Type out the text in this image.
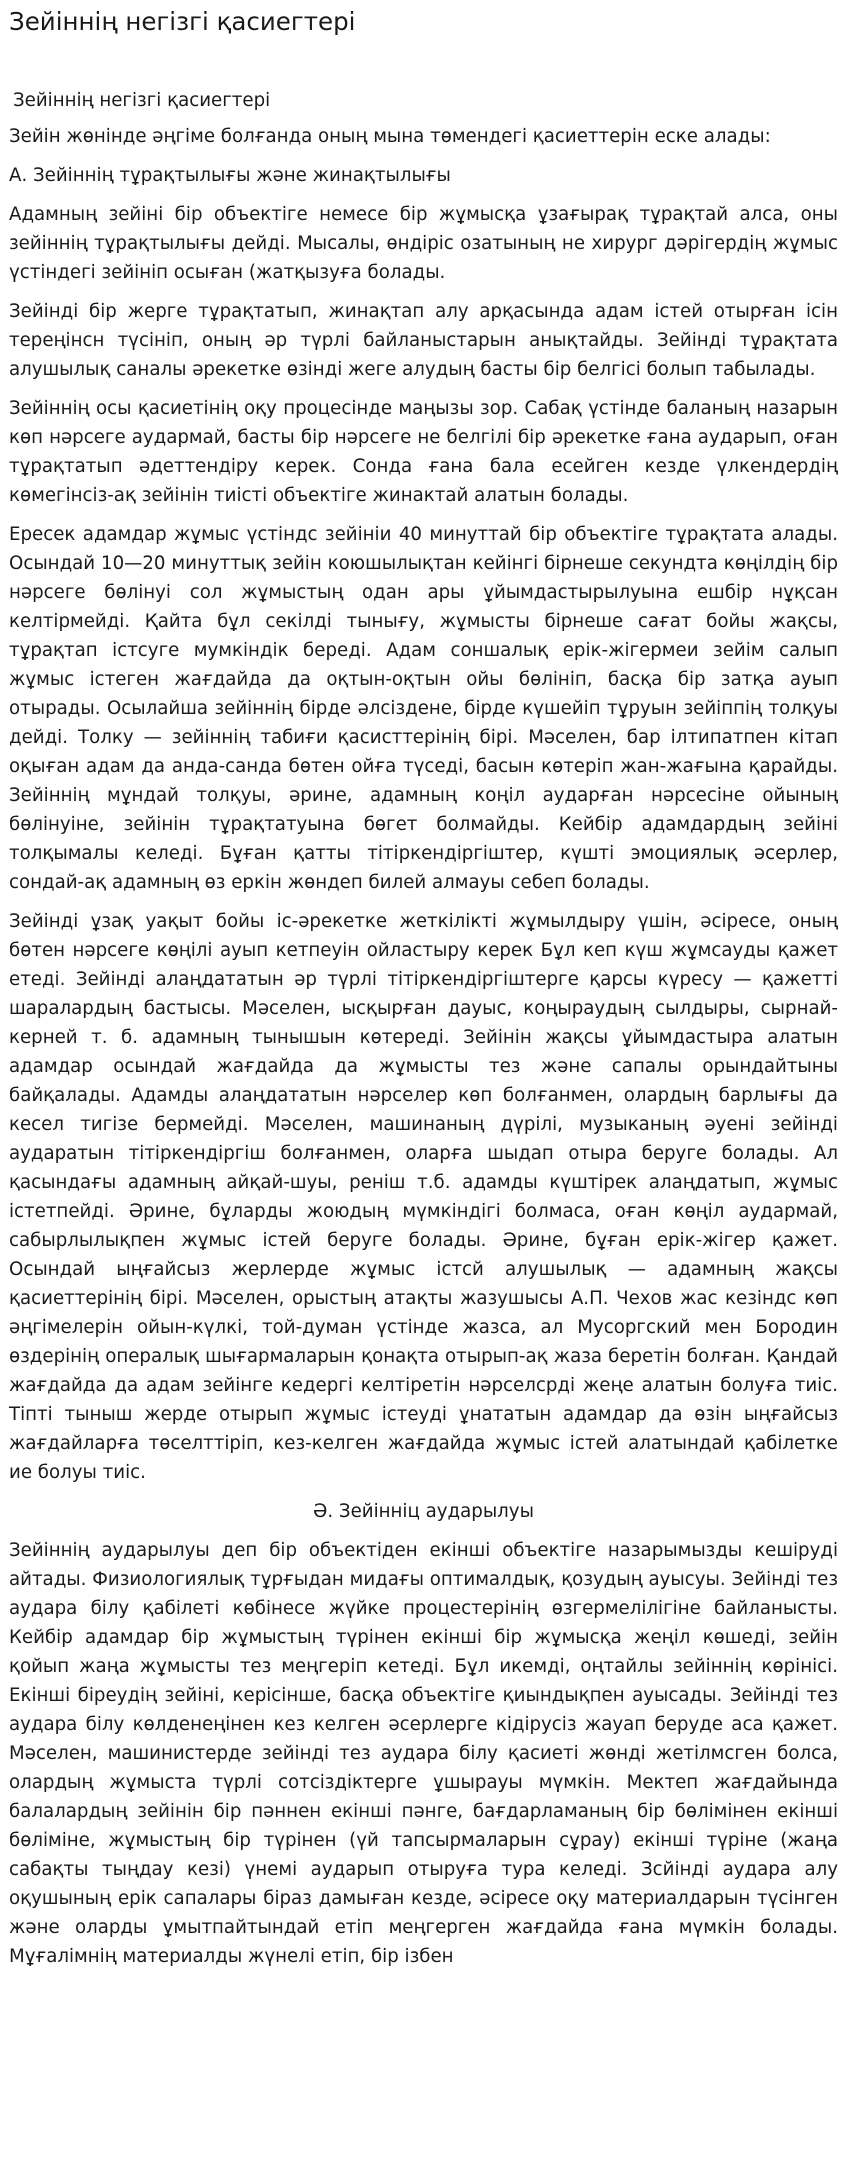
Зейіннің негізгі қасиегтері
Зейіннің негізгі қасиегтері

Зейін жөнінде әңгіме болғанда оның мына төмендегі қасиеттерін еске алады:

А. Зейіннің тұрақтылығы және жинақтылығы

Адамның зейіні бір объектіге немесе бір жұмысқа ұзағырақ тұрақтай алса, оны зейіннің тұрақтылығы дейді. Мысалы, өндіріс озатының не хирург дәрігердің жұмыс үстіндегі зейініп осыған (жатқызуға болады.

Зейінді бір жерге тұрақтатып, жинақтап алу арқасында адам істей отырған ісін тереңінсн түсініп, оның әр түрлі байланыстарын анықтайды. Зейінді тұрақтата алушылық саналы әрекетке өзінді жеге алудың басты бір белгісі болып табылады.

Зейіннің осы қасиетінің оқу процесінде маңызы зор. Сабақ үстінде баланың назарын көп нәрсеге аудармай, басты бір нәрсеге не белгілі бір әрекетке ғана аударып, оған тұрақтатып әдеттендіру керек. Сонда ғана бала есейген кезде үлкендердің көмегінсіз-ақ зейінін тиісті объектіге жинактай алатын болады.

Ересек адамдар жұмыс үстіндс зейініи 40 минуттай бір объектіге тұрақтата алады. Осындай 10—20 минуттық зейін коюшылықтан кейінгі бірнеше секундта көңілдің бір нәрсеге бөлінуі сол жұмыстың одан ары ұйымдастырылуына ешбір нұқсан келтірмейді. Қайта бұл секілді тынығу, жұмысты бірнеше сағат бойы жақсы, тұрақтап істсуге мумкіндік береді. Адам соншалық ерік-жігермеи зейім салып жұмыс істеген жағдайда да оқтын-оқтын ойы бөлініп, басқа бір затқа ауып отырады. Осылайша зейіннің бірде әлсіздене, бірде күшейіп тұруын зейіппің толқуы дейді. Толку — зейіннің табиғи қасисттерінің бірі. Мәселен, бар ілтипатпен кітап оқыған адам да анда-санда бөтен ойға түседі, басын көтеріп жан-жағына қарайды. Зейіннің мұндай толқуы, әрине, адамның коңіл аударған нәрсесіне ойының бөлінуіне, зейінін тұрақтатуына бөгет болмайды. Кейбір адамдардың зейіні толқымалы келеді. Бұған қатты тітіркендіргіштер, күшті эмоциялық әсерлер, сондай-ақ адамның өз еркін жөндеп билей алмауы себеп болады.

Зейінді ұзақ уақыт бойы іс-әрекетке жеткілікті жұмылдыру үшін, әсіресе, оның бөтен нәрсеге көңілі ауып кетпеуін ойластыру керек Бұл кеп күш жұмсауды қажет етеді. Зейінді алаңдататын әр түрлі тітіркендіргіштерге қарсы күресу — қажетті шаралардың бастысы. Мәселен, ысқырған дауыс, коңыраудың сылдыры, сырнай-керней т. б. адамның тынышын көтереді. Зейінін жақсы ұйымдастыра алатын адамдар осындай жағдайда да жұмысты тез және сапалы орындайтыны байқалады. Адамды алаңдататын нәрселер көп болғанмен, олардың барлығы да кесел тигізе бермейді. Мәселен, машинаның дүрілі, музыканың әуені зейінді аударатын тітіркендіргіш болғанмен, оларға шыдап отыра беруге болады. Ал қасындағы адамның айқай-шуы, реніш т.б. адамды күштірек алаңдатып, жұмыс істетпейді. Әрине, бұларды жоюдың мүмкіндігі болмаса, оған көңіл аудармай, сабырлылықпен жұмыс істей беруге болады. Әрине, бұған ерік-жігер қажет. Осындай ыңғайсыз жерлерде жұмыс істсй алушылық — адамның жақсы қасиеттерінің бірі. Мәселен, орыстың атақты жазушысы А.П. Чехов жас кезіндс көп әңгімелерін ойын-күлкі, той-думан үстінде жазса, ал Мусоргский мен Бородин өздерінің опералық шығармаларын қонақта отырып-ақ жаза беретін болған. Қандай жағдайда да адам зейінге кедергі келтіретін нәрселсрді жеңе алатын болуға тиіс. Тіпті тыныш жерде отырып жұмыс істеуді ұнататын адамдар да өзін ыңғайсыз жағдайларға төселттіріп, кез-келген жағдайда жұмыс істей алатындай қабілетке ие болуы тиіс.

Ә. Зейінніц аударылуы

Зейіннің аударылуы деп бір объектіден екінші объектіге назарымызды кешіруді айтады. Физиологиялық тұрғыдан мидағы оптималдық, қозудың ауысуы. Зейінді тез аудара білу қабілеті көбінесе жүйке процестерінің өзгермелілігіне байланысты. Кейбір адамдар бір жұмыстың түрінен екінші бір жұмысқа жеңіл көшеді, зейін қойып жаңа жұмысты тез меңгеріп кетеді. Бұл икемді, оңтайлы зейіннің көрінісі. Екінші біреудің зейіні, керісінше, басқа объектіге қиындықпен ауысады. Зейінді тез аудара білу көлденеңінен кез келген әсерлерге кідірусіз жауап беруде аса қажет. Мәселен, машинистерде зейінді тез аудара білу қасиеті жөнді жетілмсген болса, олардың жұмыста түрлі сотсіздіктерге ұшырауы мүмкін. Мектеп жағдайында балалардың зейінін бір пәннен екінші пәнге, бағдарламаның бір бөлімінен екінші бөлiміне, жұмыстың бір түрінен (үй тапсырмаларын сұрау) екінші түріне (жаңа сабақты тыңдау кезі) үнемі аударып отыруға тура келеді. Зсйінді аудара алу оқушының ерік сапалары біраз дамыған кезде, әсіресе оқу материалдарын түсінген және оларды ұмытпайтындай етіп меңгерген жағдайда ғана мүмкін болады. Мұғалімнің материалды жүнелі етіп, бір ізбен
